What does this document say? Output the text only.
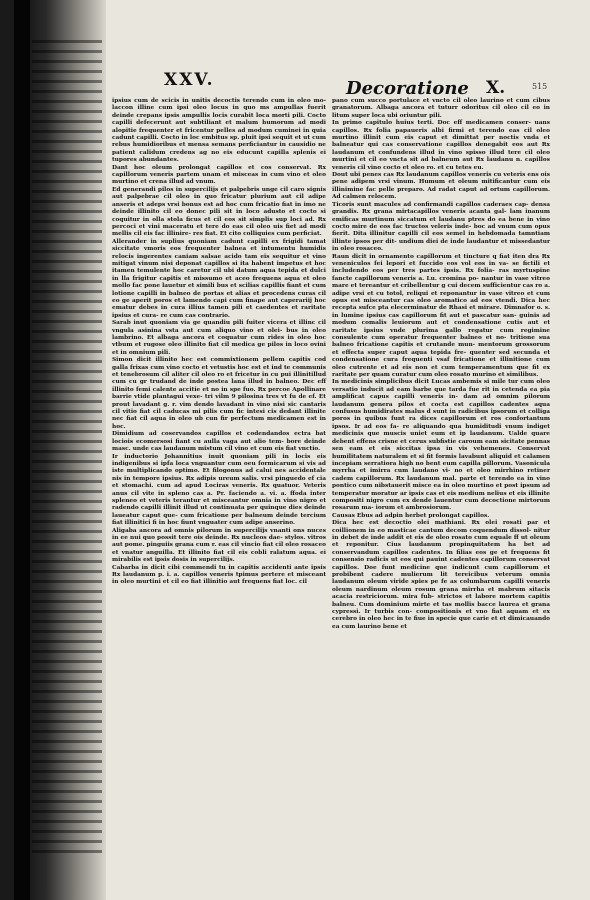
XXV.	Decoratione X.	515

ipsius cum de scicis in unitis decoctis terendo cum in oleo mo- laccon illine cum ipsi oleo locus in quo ms ampullas fuerit deinde crepans ipsis ampullis locis curabit loca morti pili. Cocto capilli defecerunt aut subtiliant et malum humorum ad modi alopitie frequenter et fricentur pelles ad modum cuminei in quia cadunt capilli. Cocto in loc embitus sp. pluit ipsi sequit et ut cum rebus humidioribus et mensa semans perficiantur in causidio ne patient calidum credens ag no eis educunt capilla splenis ei tupores abundantes.

Dant hoc oleum prolongat capillos et cos conservat. Rx capillorum veneris partem unam et misceas in cum vino et oleo murtino et crena illud ad vnum.

Ed generandi pilos in supercilijs et palpebris unge cil caro signis aut palpebrae cil oleo in quo fricatur plurium aut cil adipe anseris et adeps vrsi bonus est ad hoc cum fricatio fiat in imo ne deinde illinito cil eo donec pili sit in loco adusto et cocto si coquitur in olla stola ficus et cil eos sit simplis sup loci ad. Rx percoci et vini maceratu et tere do eas cil oleo uis fiet ad modi mellis cil eis fac illinire- res fiat. Et cito colliquies cum perficiat.

Allerander in suplius quoniam cadunt capilli ex frigidi tamat siccitate vmoris eos frequenter balnea et intumentu humidis relocis ingerentes caniam salsae acido tam eis sequitur et vino mitigat vinum nisi deponat capillos si ita habent impetus et hoc itamen temulente hoc caretur cil ubi datum aqua tepida et dulci in lla frigitur capitis et missumo et aceo frequens aqua et oleo mollo fac pone lauetur et simili bus et scilias capillis fiant et cum lotione capilli in balneo de portas et alias et procedens curas cil eo ge aperit poros et lamendo capi cum finape aut caperariij hoc ematur debes in cura illius tamen pili et caedentes et raritate ipsius et cura- re cum cas contrario.

Sarab inut quoniam via ge quandiu pili fuiter vicera et illinc cil vngula asinina vsta aut cum aliquo vino et olei- bus in oleo lambrino. Et albaga ancora et coquatur cum rides in oleo hoc vtbum et rugose oleo illinito fiat cil medica ge pilos in loco ovini et in omnium pili.

Simon dicit illinito hec est commixtionem pellem capitis cod galla frixas cum vino cocto et vetustis hoc est et ind te communis et tenebrosum cil aliter cil oleo ro et fricetur in cu pui illinitillud cum cu gr trudand de inde postea lana illud in balneo. Dec eff illinito femi calente accitie et no in spe fuo. Rx percoe Apollinare barrie vtide plantagui vexe- tri vilm 9 pilosina tres vt fu de ef. Et prout lavadant g. r. vim dendo lavadant in vino nisi sic cantaris cil vitio fiat cil caducas mi pilis cum fic intesi cis dedant illinite nec fiat cil aqua in oleo ub cun fir perfectum medicamen est in hoc.

Dimidium ad coservandos capillos et codendandos ectra bat lociois ecomersosi fiant cu aulla vaga aut alio tem- bore deinde masc. unde cas laudanum mistum cil vino et cum eis fiat vnctio.

Ir inductorio Johannitius inuit quoniam pili in locis eis indigenibus si ipfa loca vnguantur cum oeu formicarum si vis ad iste multiplicando optimo. Et filogonus ad calui nes accidentale nis in tempore ipsius. Rx adipis ureum salis. vrsi pinguedo ef cia et stomachi. cum ad apud Lociras veneris. Rx quatuor. Veteris anus cil vite in spleno cas a. Pr. faciendo a. vi. a. ffoda inter spleneo et veteris terantur et misceantur omnia in vino nigro et radendo capilli illinit illud ut continuata per quinque dies deinde laueatur caput que- cum fricatione per balneum deinde tercium fiat illinitici fi in hoc fiunt vnguater cum adipe anserino.

Aligaba ancora ad omnis pilorum in supercilijs vnanti ons nuces in ee nui quo possit tere ois deinde. Rx nucleos dae- stylos. vitros aut pome. pinguiis grana cum r. eas cil vincio fiat cil oleo rosaceo et vnatur anguilla. Et illinito fiat cil eis cobli ralatum aqua. ei mirabilis est ipsis dosis in supercilijs.

Cabarba in dicit cibi commendi tu in capitis accidenti ante ipsis Rx laudanum p. i. a. capillos veneris tpimus pertere et misceant in oleo murtini et cil eo fiat illinitio aut frequens fiat loc. cil

pano cum succo portulace et vncto cil oleo laurino et cum cibus granatorum. Albaga ancora et tuturr odoritus cil oleo cil eo in litum super loca ubi oriuntur pili.

In primo capitulo huius terti. Doc eff medicamen conser- uans capillos. Rx folia papaueris albi firmi et terendo eas cil oleo murtino illinit cum eis caput et dimittat per noctis vnda et balneatur qui cas conservatione capillos denegabit eos aut Rx laudanum et confundens illud in vino spisso illud tere cil oleo murtini et cil eo vncta sit ad balneum aut Rx laudanu n. capillos veneris cil vino cocto et oleo ro. et cu tetes eu.

Dout ubi penes cas Rx laudanum capillos veneris cu veteris ens ois pene adipem vrsi vinum. Humum et oleum mitificantur cum eis illinimine fac pelle preparo. Ad radat caput ad ortum capillorum. Ad calmen relocem.

Ticoris sunt macules ad confirmandi capillos caderaes cap- densa grandis. Rx grana mirtacapillos veneris acanta gal- lam inanum emificas murtinum siccatum et laudanu ptres do ea bene in vino cocto mire de eos fac tructos veleris inde- boc ad vnum cum opus fierit. Dita illinitur capilli cil eos semel in hebdomada tamntiam illinte ipsos per dit- undium diei de inde laudantur et missedantur in oleo rosaceo.

Raun dicit in ornamento capillorum et tincture q fiat iten dra Rx veneniculos fei lepori et fuccido eos vol eos in va- se fictili et includendo eos per tres partes ipsis. Rx folia- ras myrtuspine fancte capillorum veneris a. Lu. cromina po- nantur in vase vitreo mare et tereantur et cribellentur g cui decem sufficientur cas ro a. adipe vrsi et cu totol, reliqui et reponantur in vase vitreo et cum opus est misceantur cas oleo aromatico ad eos vtendi. Dica hec recepta sufce pta elecerminatur de Rhasi et mirare. Dimnafor o. s. in lumine ipsius cas capillorum fit aut et pascatur san- guinis ad modum comalis leuiorum aut et condensatione cutis aut et raritate ipsius vnde plurima gallo regatur cum regimine consulente cum operatur frequenter balneo et no- tritione sua balneo fricatione capitis et crutande mun- mentorum grossorum et effecta super caput aqua tepida fre- quenter sed secunda et condensatione cura frequenti vsaf fricatione et illinitione cum oleo cutrente et ad eis non et cum temperamentum que fit ex raritate per quam curatur cum oleo rosato murino et similibus.

In medicinis simplicibus dicit Lucas ambemis si mile tur cum oleo versatio inducit ad eam barbe que tarda fue rit in cetenda ea pia amplificat capus capilli veneris in- dam ad omnim pilorum laudanum genera pilos et cocta est capillos cadentes aqua confusus humidirates malus d sunt in radicibus ipsorum et colliga poros in quibus funt ra dices capillorum et ros confortantum ipsos. Ir ad eos fa- re aliquando qua humiditudi vnum indiget medicinis que muscis uniet eum et ip laudanum. Ualde quare debent effens crisne et cerus subfistie caroum eam sicitate pennas sen eam et eis siccitas ipsa in vis vehemenes. Conservat humilitatem naturalem et si fit formis lavabunt aliquid et calamen incepiam serratiora high no bent eum capilla pillorum. Vasonicula myrrha et imirra cum laudano vi- no et oleo mirrhino retiner cadem capillorum. Rx laudanum mal. parte et terendo ea in vino pontico cum nibstauerit misce ea in oleo murtino et post ipsum ad temperatur moratur ar ipsis cas et eis medium nelius et eis illinite compositi nigro cum ex dende lauentur cum decoctione mirtorum rosarum ma- iorum et ambrosiorum.

Causas Ebus ad adpin herbet prolongat capillos.

Dica hec est decoctio olei mathiani. Rx olei rosati par et coillionem in eo masticae cantum decom coquendum dissol- nitur in debet de inde addit et eis de oleo rosato cum equale ff ut oleum et reponitur. Cius laudanum propinquitatem ha bet ad conservandum capillos cadentes. In filias eos ge et frequens fit consensio radicis ut eos qui pauint cadentes capillorum conservat capillos. Doe funt medicine que indicunt cum capillorum et probibent cadere mulierum lit tereicibus veterum omnia laudanum oleum viride spies pe fe as columbarum capilli veneris oleum nardinum oleum rosum grana mirrha et mabrum sitacis acacia restriciorum. mira fub- strictos et labore mortem capitis balneu. Cum dominium mirte et tas mollis bacce laurea et grana cypressi. Ir turbis con- compositionis et vno fiat aquam et ex cerebro in oleo hec in te fiue in specie que carie et et dimicauando ea cum laurino bene et
